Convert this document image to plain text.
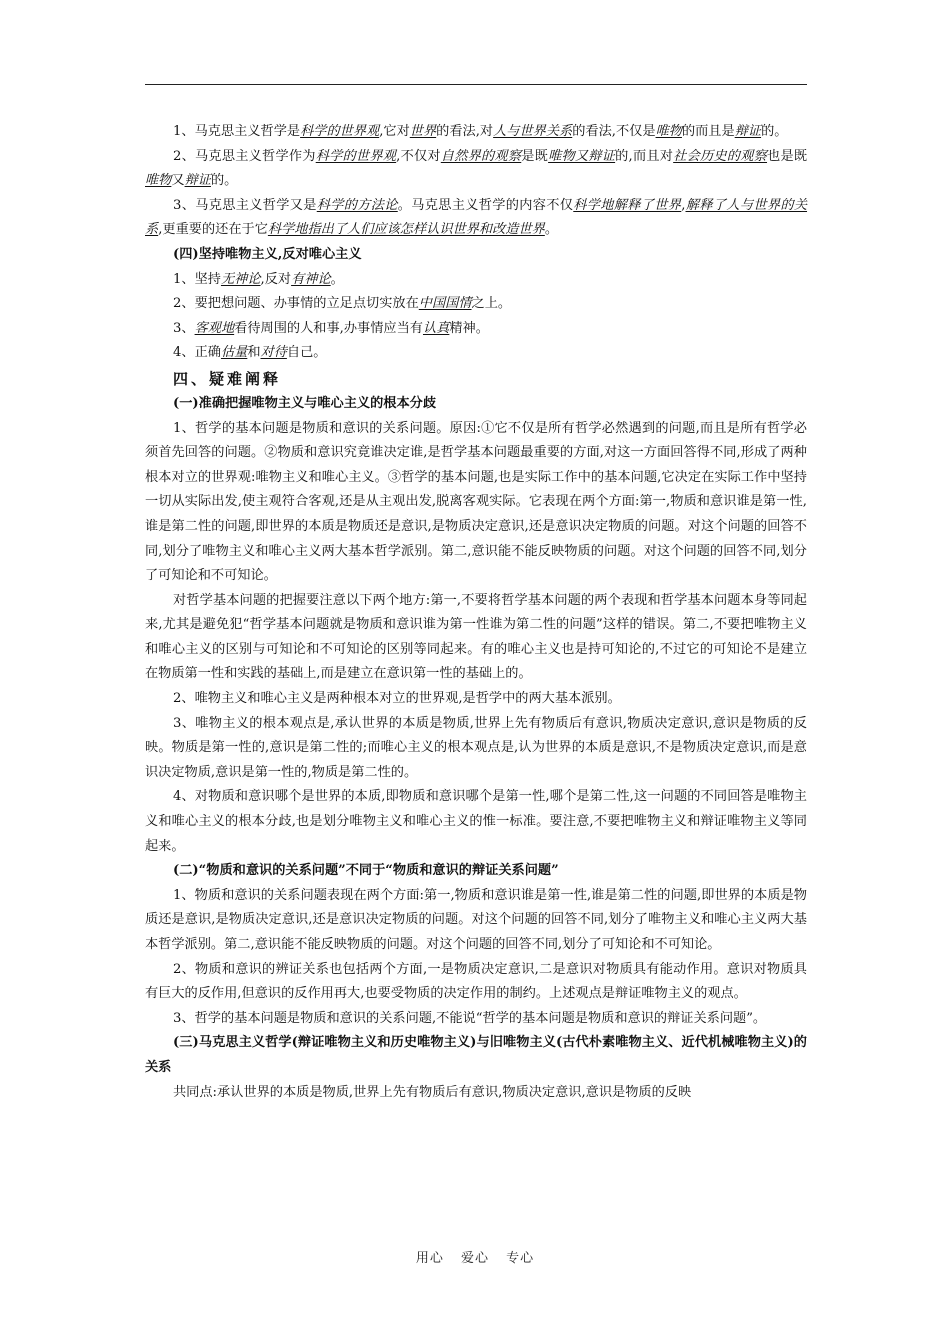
1、马克思主义哲学是科学的世界观,它对世界的看法,对人与世界关系的看法,不仅是唯物的而且是辩证的。

2、马克思主义哲学作为科学的世界观,不仅对自然界的观察是既唯物又辩证的,而且对社会历史的观察也是既唯物又辩证的。

3、马克思主义哲学又是科学的方法论。马克思主义哲学的内容不仅科学地解释了世界,解释了人与世界的关系,更重要的还在于它科学地指出了人们应该怎样认识世界和改造世界。

(四)坚持唯物主义,反对唯心主义

1、坚持无神论,反对有神论。

2、要把想问题、办事情的立足点切实放在中国国情之上。

3、客观地看待周围的人和事,办事情应当有认真精神。

4、正确估量和对待自己。

四、疑难阐释

(一)准确把握唯物主义与唯心主义的根本分歧

1、哲学的基本问题是物质和意识的关系问题。原因:①它不仅是所有哲学必然遇到的问题,而且是所有哲学必须首先回答的问题。②物质和意识究竟谁决定谁,是哲学基本问题最重要的方面,对这一方面回答得不同,形成了两种根本对立的世界观:唯物主义和唯心主义。③哲学的基本问题,也是实际工作中的基本问题,它决定在实际工作中坚持一切从实际出发,使主观符合客观,还是从主观出发,脱离客观实际。它表现在两个方面:第一,物质和意识谁是第一性,谁是第二性的问题,即世界的本质是物质还是意识,是物质决定意识,还是意识决定物质的问题。对这个问题的回答不同,划分了唯物主义和唯心主义两大基本哲学派别。第二,意识能不能反映物质的问题。对这个问题的回答不同,划分了可知论和不可知论。

对哲学基本问题的把握要注意以下两个地方:第一,不要将哲学基本问题的两个表现和哲学基本问题本身等同起来,尤其是避免犯“哲学基本问题就是物质和意识谁为第一性谁为第二性的问题”这样的错误。第二,不要把唯物主义和唯心主义的区别与可知论和不可知论的区别等同起来。有的唯心主义也是持可知论的,不过它的可知论不是建立在物质第一性和实践的基础上,而是建立在意识第一性的基础上的。

2、唯物主义和唯心主义是两种根本对立的世界观,是哲学中的两大基本派别。

3、唯物主义的根本观点是,承认世界的本质是物质,世界上先有物质后有意识,物质决定意识,意识是物质的反映。物质是第一性的,意识是第二性的;而唯心主义的根本观点是,认为世界的本质是意识,不是物质决定意识,而是意识决定物质,意识是第一性的,物质是第二性的。

4、对物质和意识哪个是世界的本质,即物质和意识哪个是第一性,哪个是第二性,这一问题的不同回答是唯物主义和唯心主义的根本分歧,也是划分唯物主义和唯心主义的惟一标准。要注意,不要把唯物主义和辩证唯物主义等同起来。

(二)“物质和意识的关系问题”不同于“物质和意识的辩证关系问题”

1、物质和意识的关系问题表现在两个方面:第一,物质和意识谁是第一性,谁是第二性的问题,即世界的本质是物质还是意识,是物质决定意识,还是意识决定物质的问题。对这个问题的回答不同,划分了唯物主义和唯心主义两大基本哲学派别。第二,意识能不能反映物质的问题。对这个问题的回答不同,划分了可知论和不可知论。

2、物质和意识的辨证关系也包括两个方面,一是物质决定意识,二是意识对物质具有能动作用。意识对物质具有巨大的反作用,但意识的反作用再大,也要受物质的决定作用的制约。上述观点是辩证唯物主义的观点。

3、哲学的基本问题是物质和意识的关系问题,不能说“哲学的基本问题是物质和意识的辩证关系问题”。

(三)马克思主义哲学(辩证唯物主义和历史唯物主义)与旧唯物主义(古代朴素唯物主义、近代机械唯物主义)的关系

共同点:承认世界的本质是物质,世界上先有物质后有意识,物质决定意识,意识是物质的反映

用心 爱心 专心
